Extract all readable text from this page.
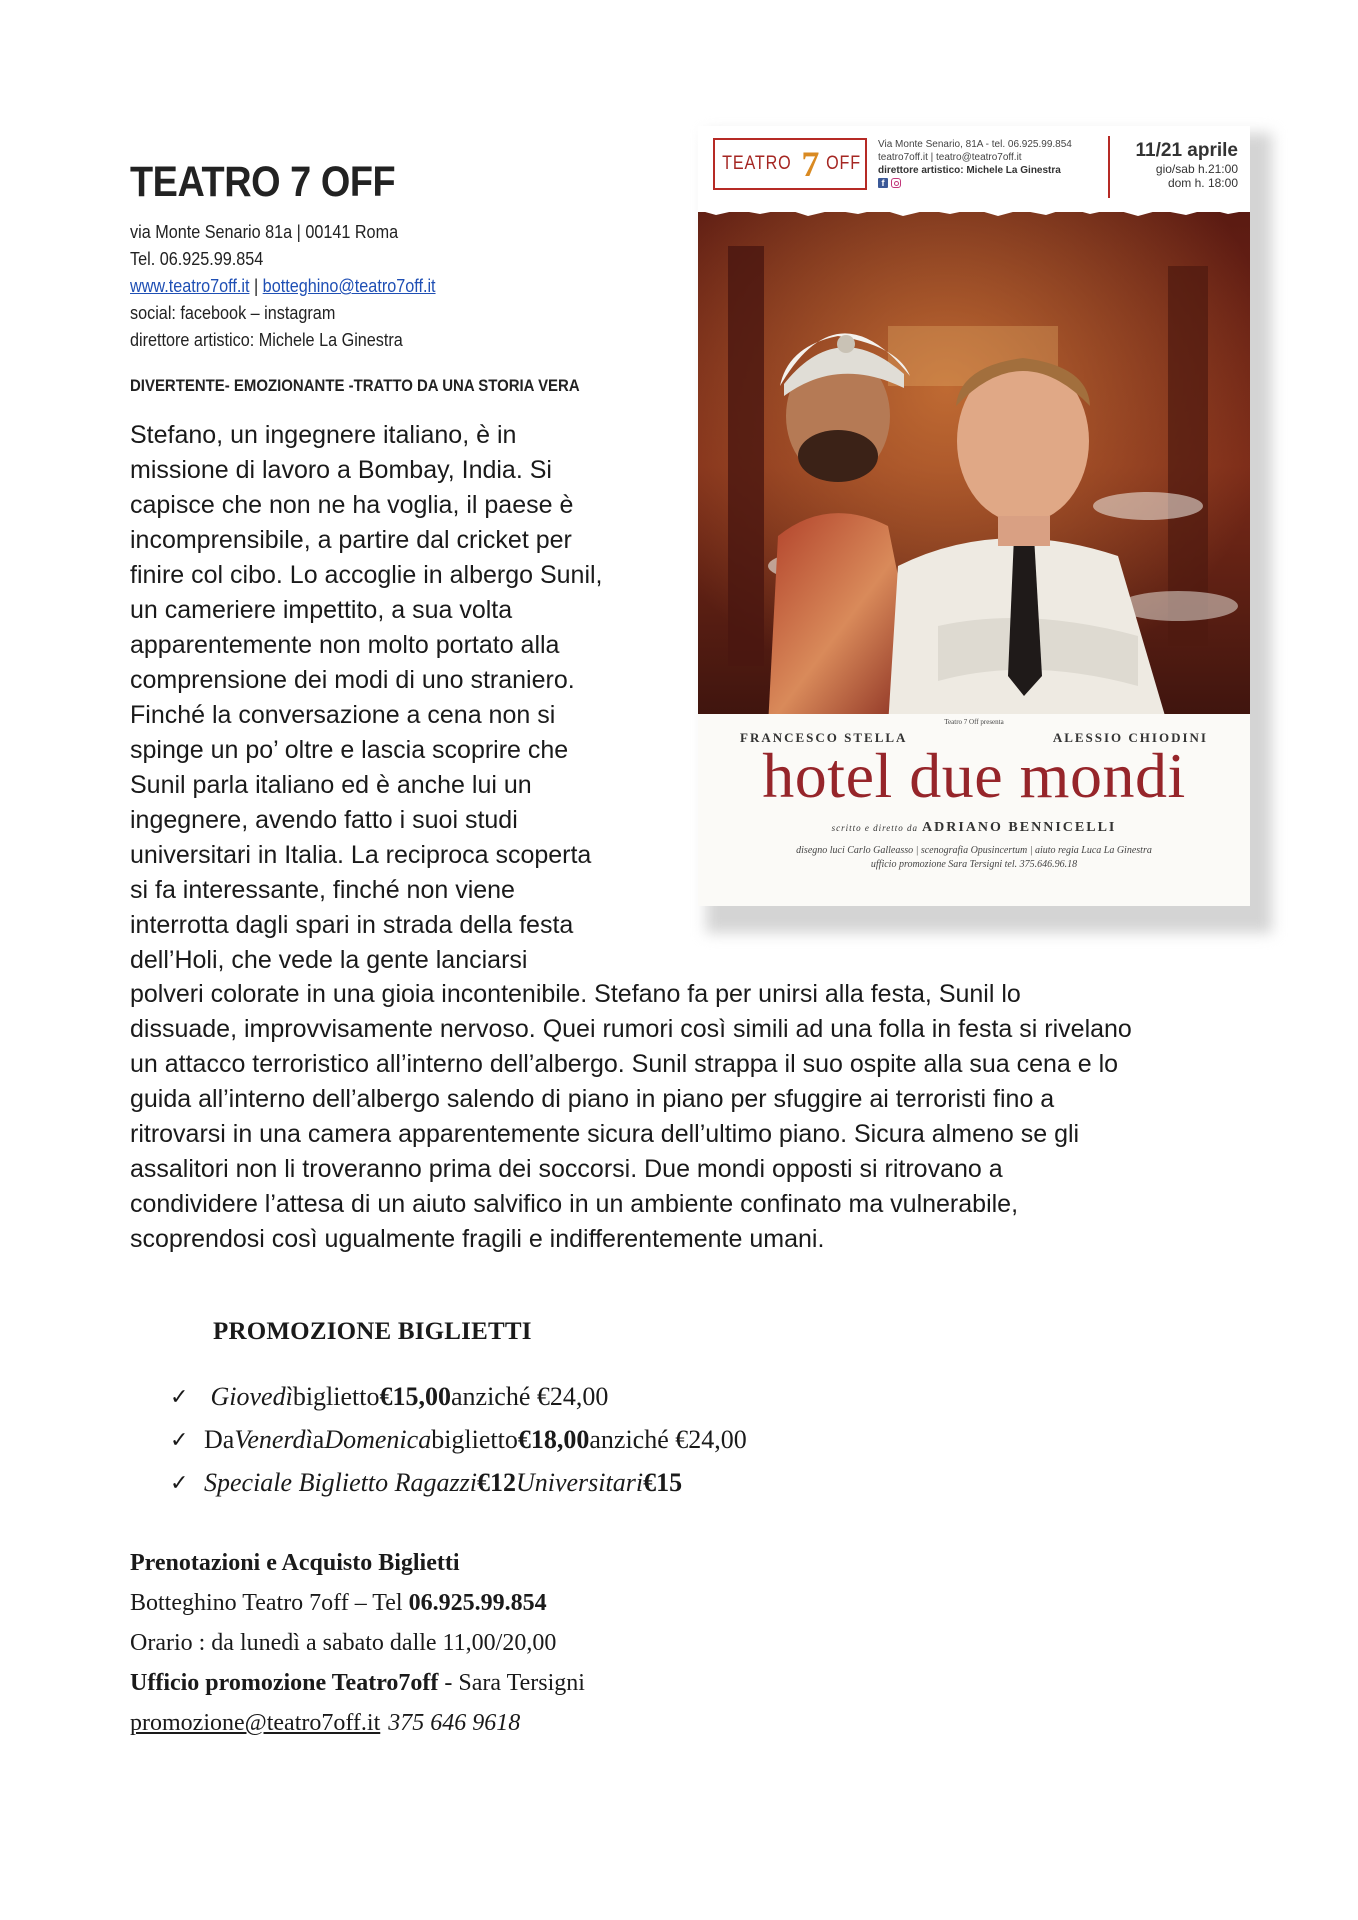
TEATRO 7 OFF
via Monte Senario 81a | 00141 Roma
Tel. 06.925.99.854
www.teatro7off.it | botteghino@teatro7off.it
social: facebook – instagram
direttore artistico: Michele La Ginestra
DIVERTENTE- EMOZIONANTE -TRATTO DA UNA STORIA VERA
Stefano, un ingegnere italiano, è in
missione di lavoro a Bombay, India. Si
capisce che non ne ha voglia, il paese è
incomprensibile, a partire dal cricket per
finire col cibo. Lo accoglie in albergo Sunil,
un cameriere impettito, a sua volta
apparentemente non molto portato alla
comprensione dei modi di uno straniero.
Finché la conversazione a cena non si
spinge un po’ oltre e lascia scoprire che
Sunil parla italiano ed è anche lui un
ingegnere, avendo fatto i suoi studi
universitari in Italia. La reciproca scoperta
si fa interessante, finché non viene
interrotta dagli spari in strada della festa
dell’Holi, che vede la gente lanciarsi
polveri colorate in una gioia incontenibile. Stefano fa per unirsi alla festa, Sunil lo
dissuade, improvvisamente nervoso. Quei rumori così simili ad una folla in festa si rivelano
un attacco terroristico all’interno dell’albergo. Sunil strappa il suo ospite alla sua cena e lo
guida all’interno dell’albergo salendo di piano in piano per sfuggire ai terroristi fino a
ritrovarsi in una camera apparentemente sicura dell’ultimo piano. Sicura almeno se gli
assalitori non li troveranno prima dei soccorsi. Due mondi opposti si ritrovano a
condividere l’attesa di un aiuto salvifico in un ambiente confinato ma vulnerabile,
scoprendosi così ugualmente fragili e indifferentemente umani.
TEATRO 7 OFF
Via Monte Senario, 81A - tel. 06.925.99.854
teatro7off.it | teatro@teatro7off.it
direttore artistico: Michele La Ginestra
f
11/21 aprile
gio/sab h.21:00
dom h. 18:00
Teatro 7 Off presenta
FRANCESCO STELLA	ALESSIO CHIODINI
hotel due mondi
scritto e diretto da ADRIANO BENNICELLI
disegno luci Carlo Galleasso | scenografia Opusincertum | aiuto regia Luca La Ginestra
ufficio promozione Sara Tersigni tel. 375.646.96.18
PROMOZIONE BIGLIETTI
✓
Giovedì biglietto €15,00 anziché €24,00
✓ Da Venerdì a Domenica biglietto €18,00 anziché €24,00
✓ Speciale Biglietto Ragazzi €12 Universitari €15
Prenotazioni e Acquisto Biglietti
Botteghino Teatro 7off – Tel 06.925.99.854
Orario : da lunedì a sabato dalle 11,00/20,00
Ufficio promozione Teatro7off - Sara Tersigni
promozione@teatro7off.it 375 646 9618
